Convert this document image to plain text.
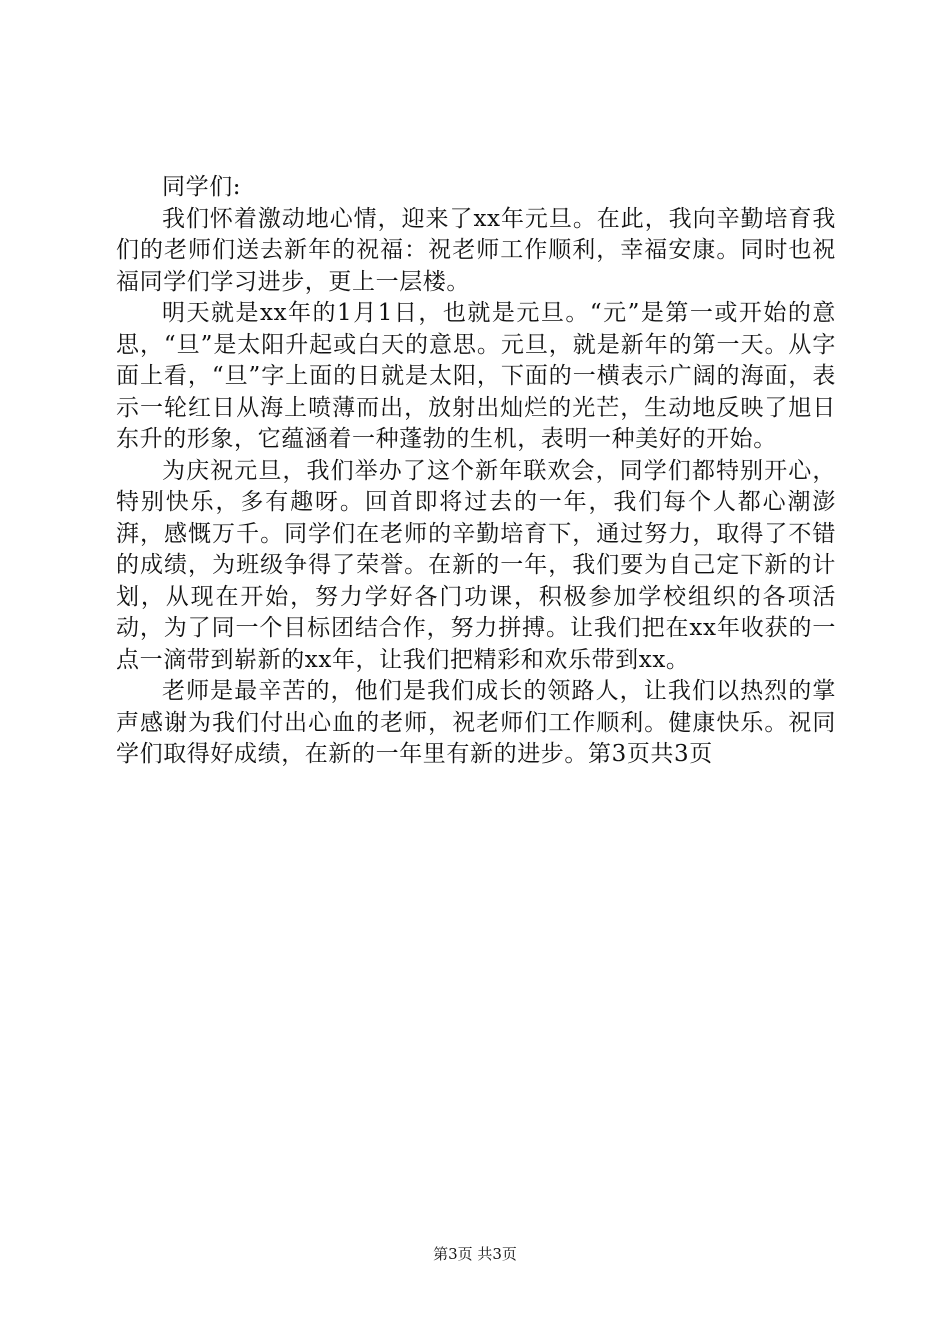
同学们:

我们怀着激动地心情，迎来了xx年元旦。在此，我向辛勤培育我们的老师们送去新年的祝福：祝老师工作顺利，幸福安康。同时也祝福同学们学习进步，更上一层楼。

明天就是xx年的1月1日，也就是元旦。“元”是第一或开始的意思，“旦”是太阳升起或白天的意思。元旦，就是新年的第一天。从字面上看，“旦”字上面的日就是太阳，下面的一横表示广阔的海面，表示一轮红日从海上喷薄而出，放射出灿烂的光芒，生动地反映了旭日东升的形象，它蕴涵着一种蓬勃的生机，表明一种美好的开始。

为庆祝元旦，我们举办了这个新年联欢会，同学们都特别开心，特别快乐，多有趣呀。回首即将过去的一年，我们每个人都心潮澎湃，感慨万千。同学们在老师的辛勤培育下，通过努力，取得了不错的成绩，为班级争得了荣誉。在新的一年，我们要为自己定下新的计划，从现在开始，努力学好各门功课，积极参加学校组织的各项活动，为了同一个目标团结合作，努力拼搏。让我们把在xx年收获的一点一滴带到崭新的xx年，让我们把精彩和欢乐带到xx。

老师是最辛苦的，他们是我们成长的领路人，让我们以热烈的掌声感谢为我们付出心血的老师，祝老师们工作顺利。健康快乐。祝同学们取得好成绩，在新的一年里有新的进步。第3页共3页

第3页 共3页
